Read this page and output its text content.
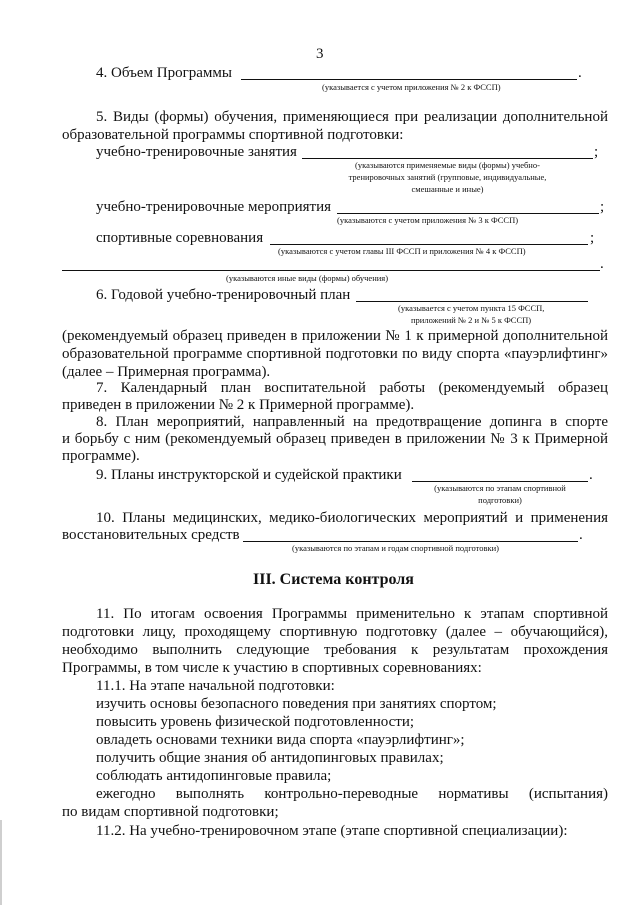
3
4. Объем Программы	.
(указывается с учетом приложения № 2 к ФССП)
5. Виды (формы) обучения, применяющиеся при реализации дополнительной
образовательной программы спортивной подготовки:
учебно-тренировочные занятия	;
(указываются применяемые виды (формы) учебно-
тренировочных занятий (групповые, индивидуальные,
смешанные и иные)
учебно-тренировочные мероприятия	;
(указываются с учетом приложения № 3 к ФССП)
спортивные соревнования	;
(указываются с учетом главы III ФССП и приложения № 4 к ФССП)
.
(указываются иные виды (формы) обучения)
6. Годовой учебно-тренировочный план
(указывается с учетом пункта 15 ФССП,
приложений № 2 и № 5 к ФССП)
(рекомендуемый образец приведен в приложении № 1 к примерной дополнительной
образовательной программе спортивной подготовки по виду спорта «пауэрлифтинг»
(далее – Примерная программа).
7. Календарный план воспитательной работы (рекомендуемый образец
приведен в приложении № 2 к Примерной программе).
8. План мероприятий, направленный на предотвращение допинга в спорте
и борьбу с ним (рекомендуемый образец приведен в приложении № 3 к Примерной
программе).
9. Планы инструкторской и судейской практики	.
(указываются по этапам спортивной
подготовки)
10. Планы медицинских, медико-биологических мероприятий и применения
восстановительных средств	.
(указываются по этапам и годам спортивной подготовки)
III. Система контроля
11. По итогам освоения Программы применительно к этапам спортивной
подготовки лицу, проходящему спортивную подготовку (далее – обучающийся),
необходимо выполнить следующие требования к результатам прохождения
Программы, в том числе к участию в спортивных соревнованиях:
11.1. На этапе начальной подготовки:
изучить основы безопасного поведения при занятиях спортом;
повысить уровень физической подготовленности;
овладеть основами техники вида спорта «пауэрлифтинг»;
получить общие знания об антидопинговых правилах;
соблюдать антидопинговые правила;
ежегодно выполнять контрольно-переводные нормативы (испытания)
по видам спортивной подготовки;
11.2. На учебно-тренировочном этапе (этапе спортивной специализации):
